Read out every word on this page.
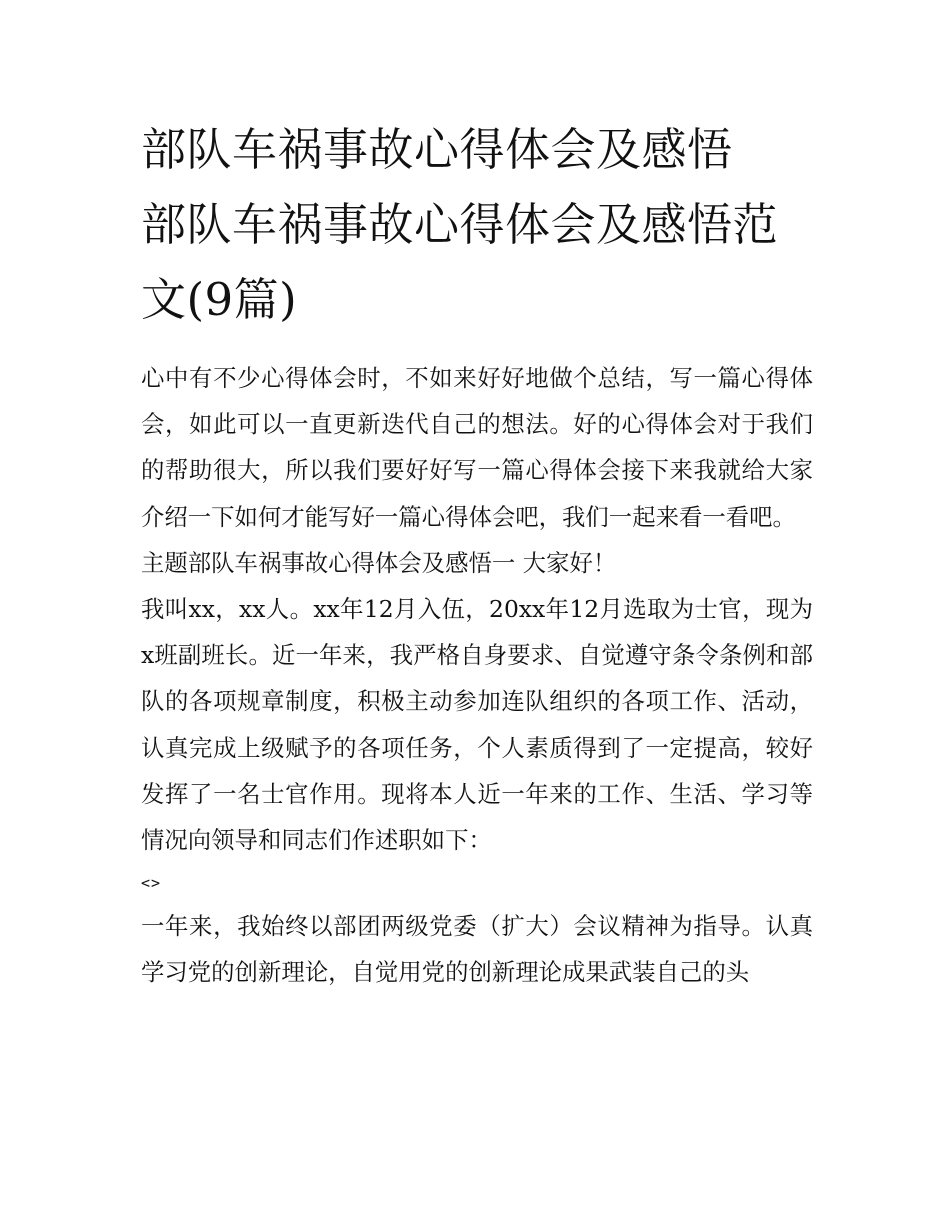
部队车祸事故心得体会及感悟
部队车祸事故心得体会及感悟范文(9篇)

心中有不少心得体会时，不如来好好地做个总结，写一篇心得体会，如此可以一直更新迭代自己的想法。好的心得体会对于我们的帮助很大，所以我们要好好写一篇心得体会接下来我就给大家介绍一下如何才能写好一篇心得体会吧，我们一起来看一看吧。

主题部队车祸事故心得体会及感悟一 大家好！

我叫xx，xx人。xx年12月入伍，20xx年12月选取为士官，现为x班副班长。近一年来，我严格自身要求、自觉遵守条令条例和部队的各项规章制度，积极主动参加连队组织的各项工作、活动，认真完成上级赋予的各项任务，个人素质得到了一定提高，较好发挥了一名士官作用。现将本人近一年来的工作、生活、学习等情况向领导和同志们作述职如下：

<>

一年来，我始终以部团两级党委（扩大）会议精神为指导。认真学习党的创新理论，自觉用党的创新理论成果武装自己的头
